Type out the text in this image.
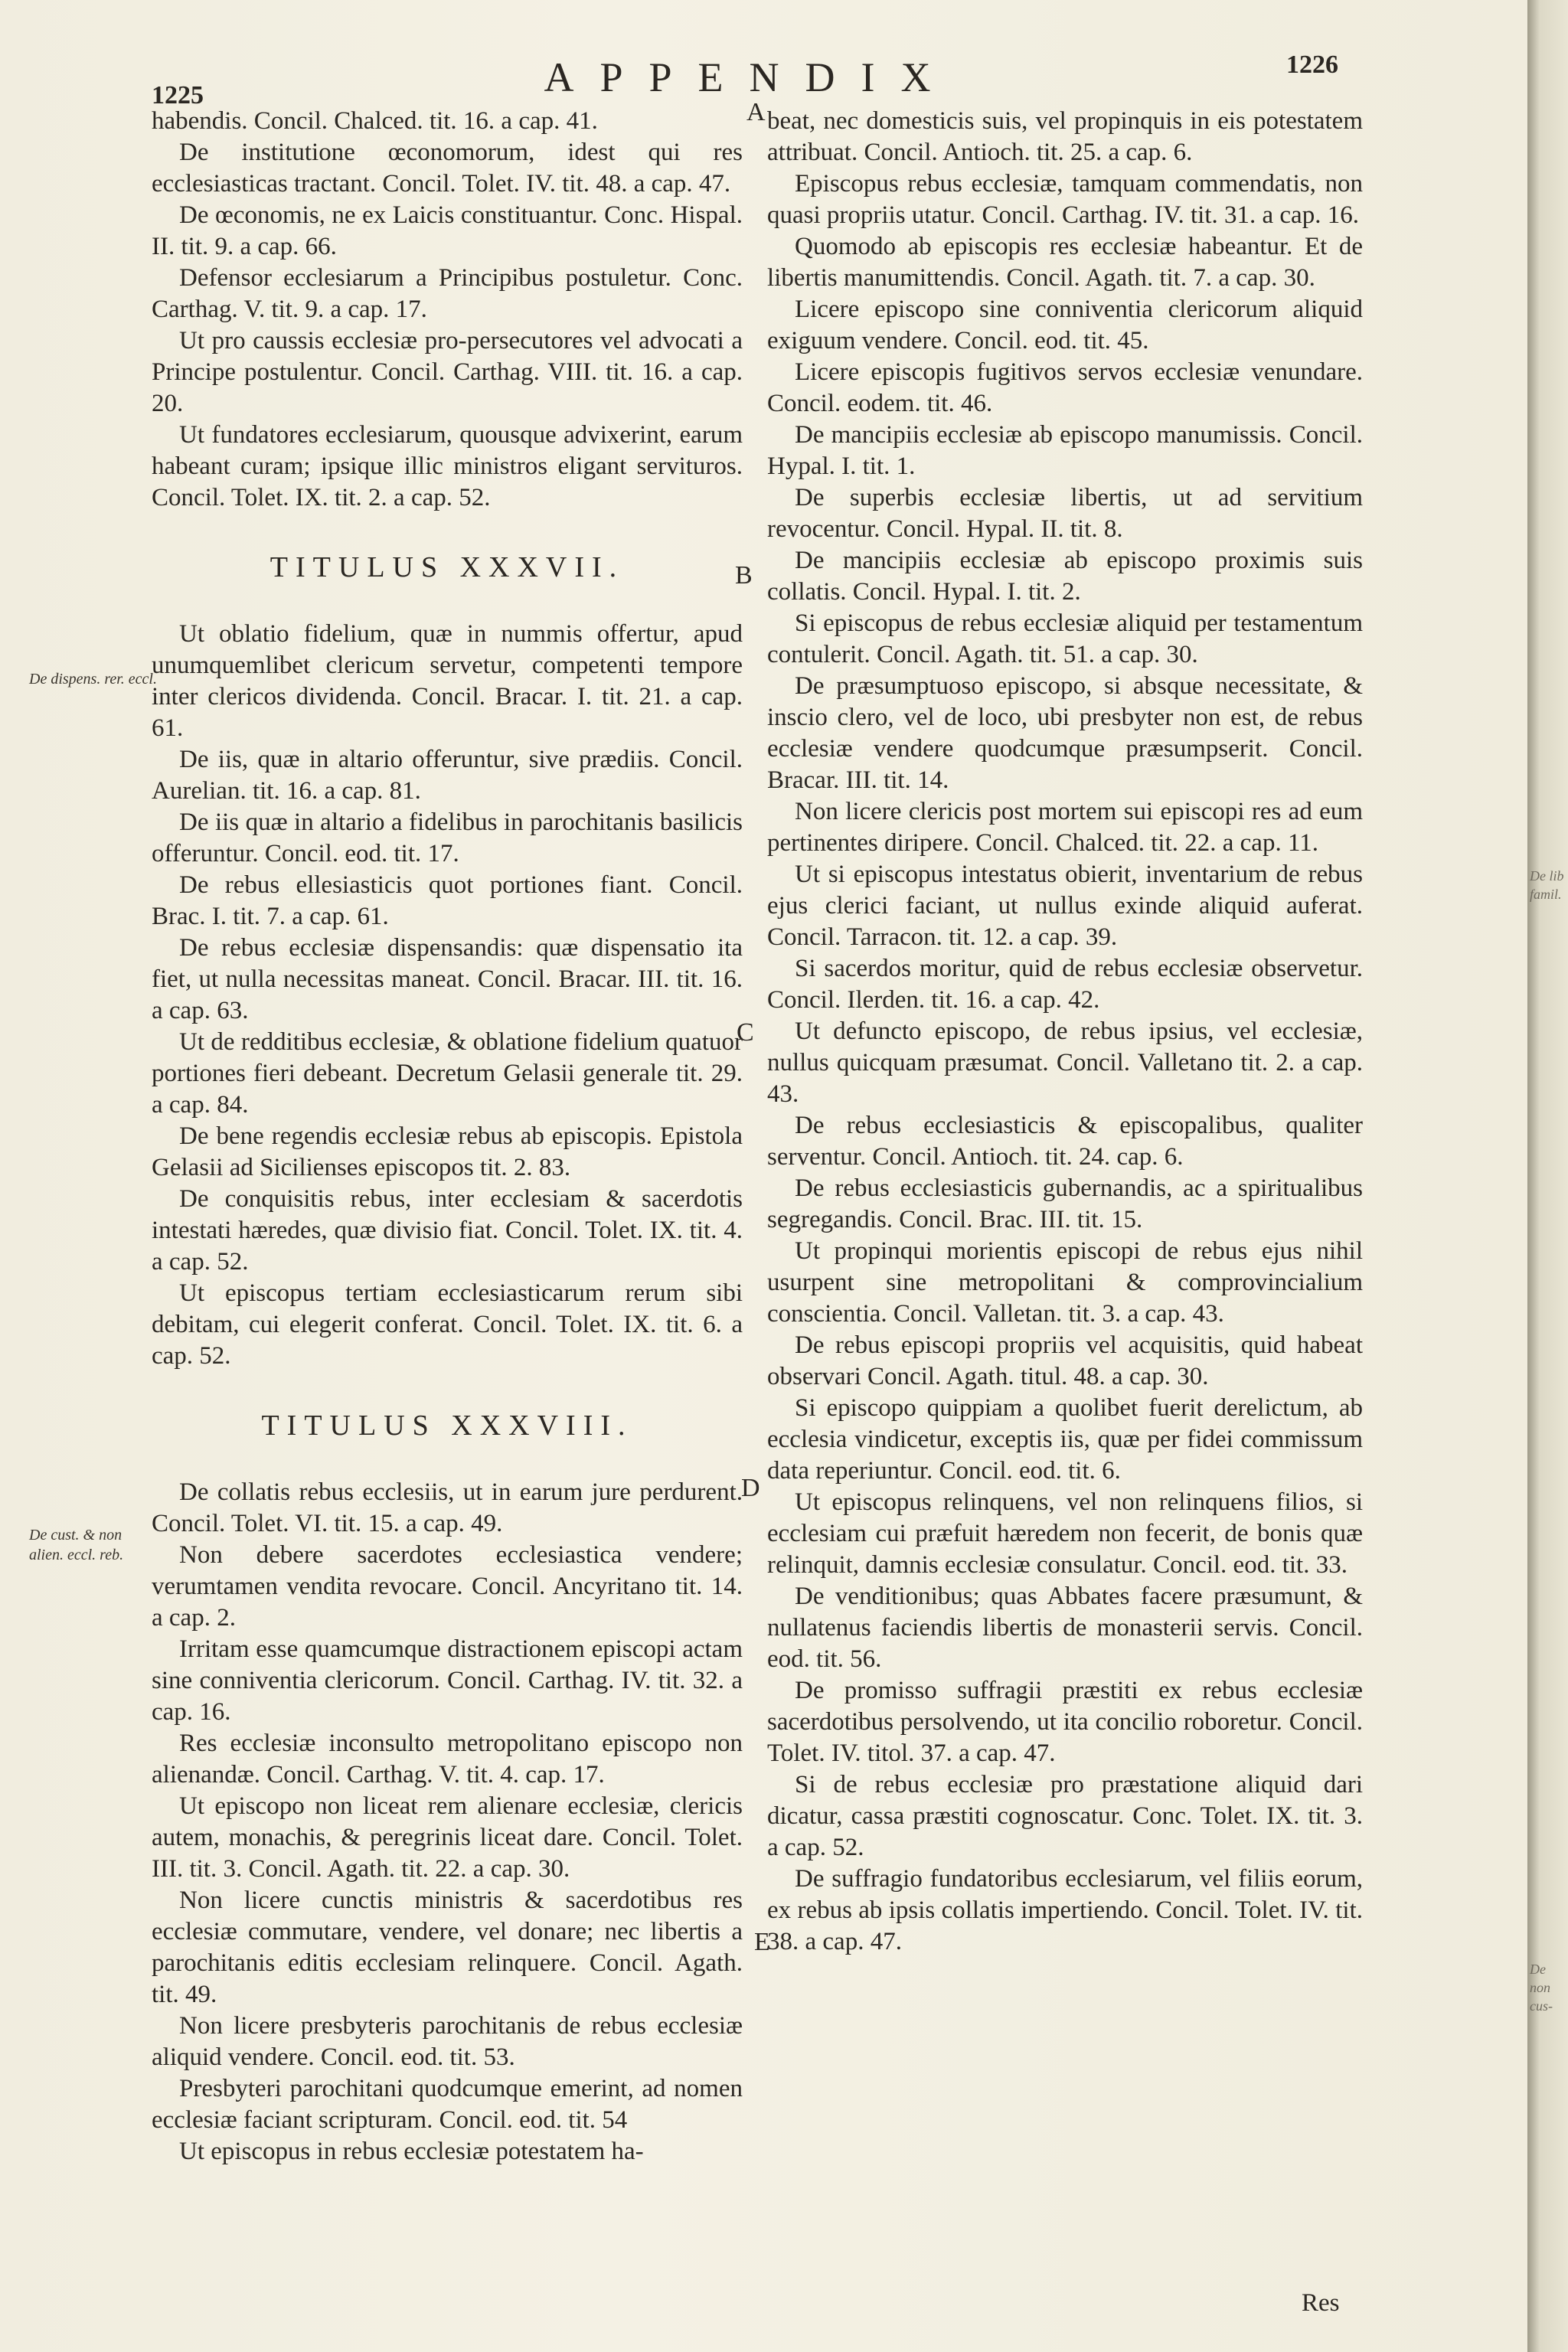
1225	APPENDIX	1226
De dispens. rer. eccl.
De cust. & non alien. eccl. reb.
A
B
C
D
E

habendis. Concil. Chalced. tit. 16. a cap. 41.

De institutione œconomorum, idest qui res ecclesiasticas tractant. Concil. Tolet. IV. tit. 48. a cap. 47.

De œconomis, ne ex Laicis constituantur. Conc. Hispal. II. tit. 9. a cap. 66.

Defensor ecclesiarum a Principibus postuletur. Conc. Carthag. V. tit. 9. a cap. 17.

Ut pro caussis ecclesiæ pro-persecutores vel advocati a Principe postulentur. Concil. Carthag. VIII. tit. 16. a cap. 20.

Ut fundatores ecclesiarum, quousque advixerint, earum habeant curam; ipsique illic ministros eligant servituros. Concil. Tolet. IX. tit. 2. a cap. 52.

TITULUS XXXVII.

Ut oblatio fidelium, quæ in nummis offertur, apud unumquemlibet clericum servetur, competenti tempore inter clericos dividenda. Concil. Bracar. I. tit. 21. a cap. 61.

De iis, quæ in altario offeruntur, sive prædiis. Concil. Aurelian. tit. 16. a cap. 81.

De iis quæ in altario a fidelibus in parochitanis basilicis offeruntur. Concil. eod. tit. 17.

De rebus ellesiasticis quot portiones fiant. Concil. Brac. I. tit. 7. a cap. 61.

De rebus ecclesiæ dispensandis: quæ dispensatio ita fiet, ut nulla necessitas maneat. Concil. Bracar. III. tit. 16. a cap. 63.

Ut de redditibus ecclesiæ, & oblatione fidelium quatuor portiones fieri debeant. Decretum Gelasii generale tit. 29. a cap. 84.

De bene regendis ecclesiæ rebus ab episcopis. Epistola Gelasii ad Sicilienses episcopos tit. 2. 83.

De conquisitis rebus, inter ecclesiam & sacerdotis intestati hæredes, quæ divisio fiat. Concil. Tolet. IX. tit. 4. a cap. 52.

Ut episcopus tertiam ecclesiasticarum rerum sibi debitam, cui elegerit conferat. Concil. Tolet. IX. tit. 6. a cap. 52.

TITULUS XXXVIII.

De collatis rebus ecclesiis, ut in earum jure perdurent. Concil. Tolet. VI. tit. 15. a cap. 49.

Non debere sacerdotes ecclesiastica vendere; verumtamen vendita revocare. Concil. Ancyritano tit. 14. a cap. 2.

Irritam esse quamcumque distractionem episcopi actam sine conniventia clericorum. Concil. Carthag. IV. tit. 32. a cap. 16.

Res ecclesiæ inconsulto metropolitano episcopo non alienandæ. Concil. Carthag. V. tit. 4. cap. 17.

Ut episcopo non liceat rem alienare ecclesiæ, clericis autem, monachis, & peregrinis liceat dare. Concil. Tolet. III. tit. 3. Concil. Agath. tit. 22. a cap. 30.

Non licere cunctis ministris & sacerdotibus res ecclesiæ commutare, vendere, vel donare; nec libertis a parochitanis editis ecclesiam relinquere. Concil. Agath. tit. 49.

Non licere presbyteris parochitanis de rebus ecclesiæ aliquid vendere. Concil. eod. tit. 53.

Presbyteri parochitani quodcumque emerint, ad nomen ecclesiæ faciant scripturam. Concil. eod. tit. 54

Ut episcopus in rebus ecclesiæ potestatem ha-

beat, nec domesticis suis, vel propinquis in eis potestatem attribuat. Concil. Antioch. tit. 25. a cap. 6.

Episcopus rebus ecclesiæ, tamquam commendatis, non quasi propriis utatur. Concil. Carthag. IV. tit. 31. a cap. 16.

Quomodo ab episcopis res ecclesiæ habeantur. Et de libertis manumittendis. Concil. Agath. tit. 7. a cap. 30.

Licere episcopo sine conniventia clericorum aliquid exiguum vendere. Concil. eod. tit. 45.

Licere episcopis fugitivos servos ecclesiæ venundare. Concil. eodem. tit. 46.

De mancipiis ecclesiæ ab episcopo manumissis. Concil. Hypal. I. tit. 1.

De superbis ecclesiæ libertis, ut ad servitium revocentur. Concil. Hypal. II. tit. 8.

De mancipiis ecclesiæ ab episcopo proximis suis collatis. Concil. Hypal. I. tit. 2.

Si episcopus de rebus ecclesiæ aliquid per testamentum contulerit. Concil. Agath. tit. 51. a cap. 30.

De præsumptuoso episcopo, si absque necessitate, & inscio clero, vel de loco, ubi presbyter non est, de rebus ecclesiæ vendere quodcumque præsumpserit. Concil. Bracar. III. tit. 14.

Non licere clericis post mortem sui episcopi res ad eum pertinentes diripere. Concil. Chalced. tit. 22. a cap. 11.

Ut si episcopus intestatus obierit, inventarium de rebus ejus clerici faciant, ut nullus exinde aliquid auferat. Concil. Tarracon. tit. 12. a cap. 39.

Si sacerdos moritur, quid de rebus ecclesiæ observetur. Concil. Ilerden. tit. 16. a cap. 42.

Ut defuncto episcopo, de rebus ipsius, vel ecclesiæ, nullus quicquam præsumat. Concil. Valletano tit. 2. a cap. 43.

De rebus ecclesiasticis & episcopalibus, qualiter serventur. Concil. Antioch. tit. 24. cap. 6.

De rebus ecclesiasticis gubernandis, ac a spiritualibus segregandis. Concil. Brac. III. tit. 15.

Ut propinqui morientis episcopi de rebus ejus nihil usurpent sine metropolitani & comprovincialium conscientia. Concil. Valletan. tit. 3. a cap. 43.

De rebus episcopi propriis vel acquisitis, quid habeat observari Concil. Agath. titul. 48. a cap. 30.

Si episcopo quippiam a quolibet fuerit derelictum, ab ecclesia vindicetur, exceptis iis, quæ per fidei commissum data reperiuntur. Concil. eod. tit. 6.

Ut episcopus relinquens, vel non relinquens filios, si ecclesiam cui præfuit hæredem non fecerit, de bonis quæ relinquit, damnis ecclesiæ consulatur. Concil. eod. tit. 33.

De venditionibus; quas Abbates facere præsumunt, & nullatenus faciendis libertis de monasterii servis. Concil. eod. tit. 56.

De promisso suffragii præstiti ex rebus ecclesiæ sacerdotibus persolvendo, ut ita concilio roboretur. Concil. Tolet. IV. titol. 37. a cap. 47.

Si de rebus ecclesiæ pro præstatione aliquid dari dicatur, cassa præstiti cognoscatur. Conc. Tolet. IX. tit. 3. a cap. 52.

De suffragio fundatoribus ecclesiarum, vel filiis eorum, ex rebus ab ipsis collatis impertiendo. Concil. Tolet. IV. tit. 38. a cap. 47.

Res
De lib famil.
De non cus-
